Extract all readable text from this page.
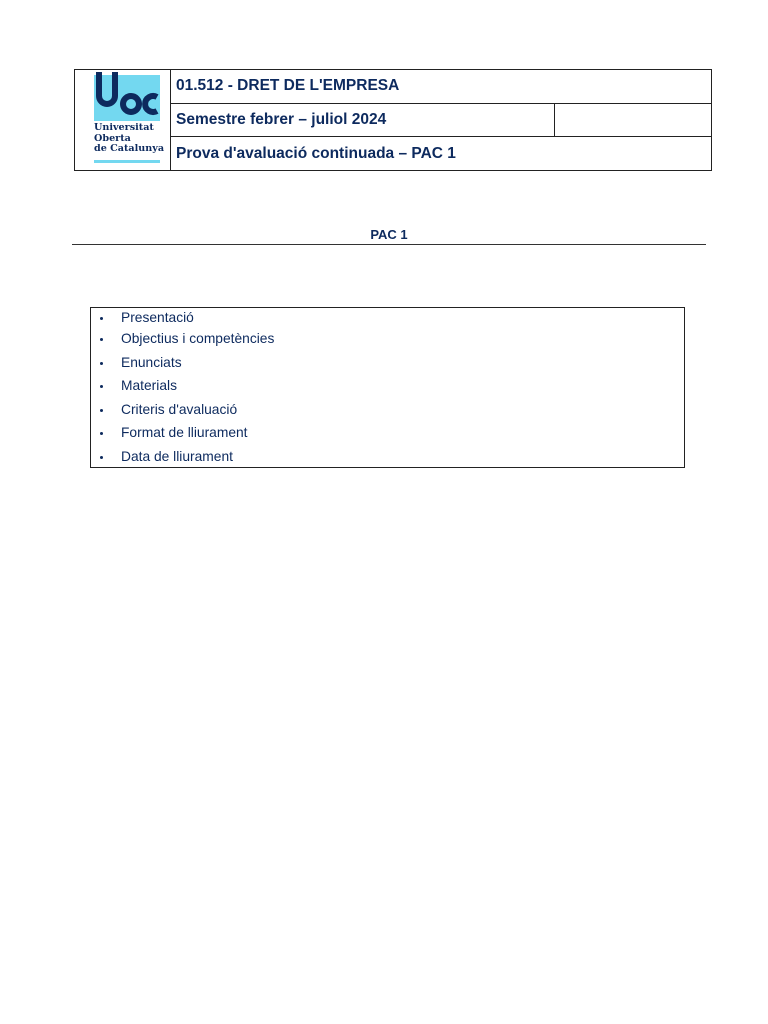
Universitat
Oberta
de Catalunya	01.512 - DRET DE L'EMPRESA	
	Semestre febrer – juliol 2024	
	Prova d'avaluació continuada – PAC 1	
PAC 1
Presentació
Objectius i competències
Enunciats
Materials
Criteris d'avaluació
Format de lliurament
Data de lliurament
